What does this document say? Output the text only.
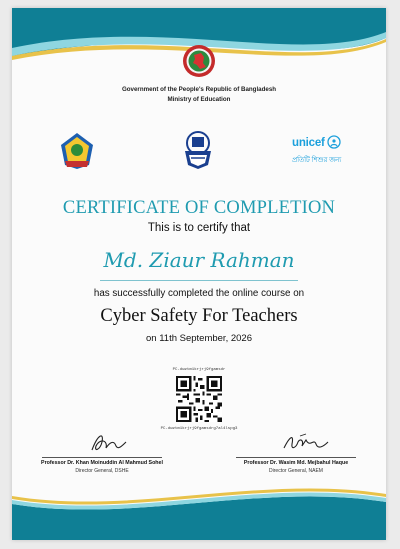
Government of the People's Republic of Bangladesh
Ministry of Education
unicef
প্রতিটি শিশুর জন্য
CERTIFICATE OF COMPLETION
This is to certify that
Md. Ziaur Rahman
has successfully completed the online course on
Cyber Safety For Teachers
on 11th September, 2026
PC-dwztm1krjrj9fgamsdr
PC-dwztm1krjrj9fgamsdrg7al4lspg3
Professor Dr. Khan Moinuddin Al Mahmud Sohel
Director General, DSHE
Professor Dr. Wasim Md. Mejbahul Haque
Director General, NAEM
